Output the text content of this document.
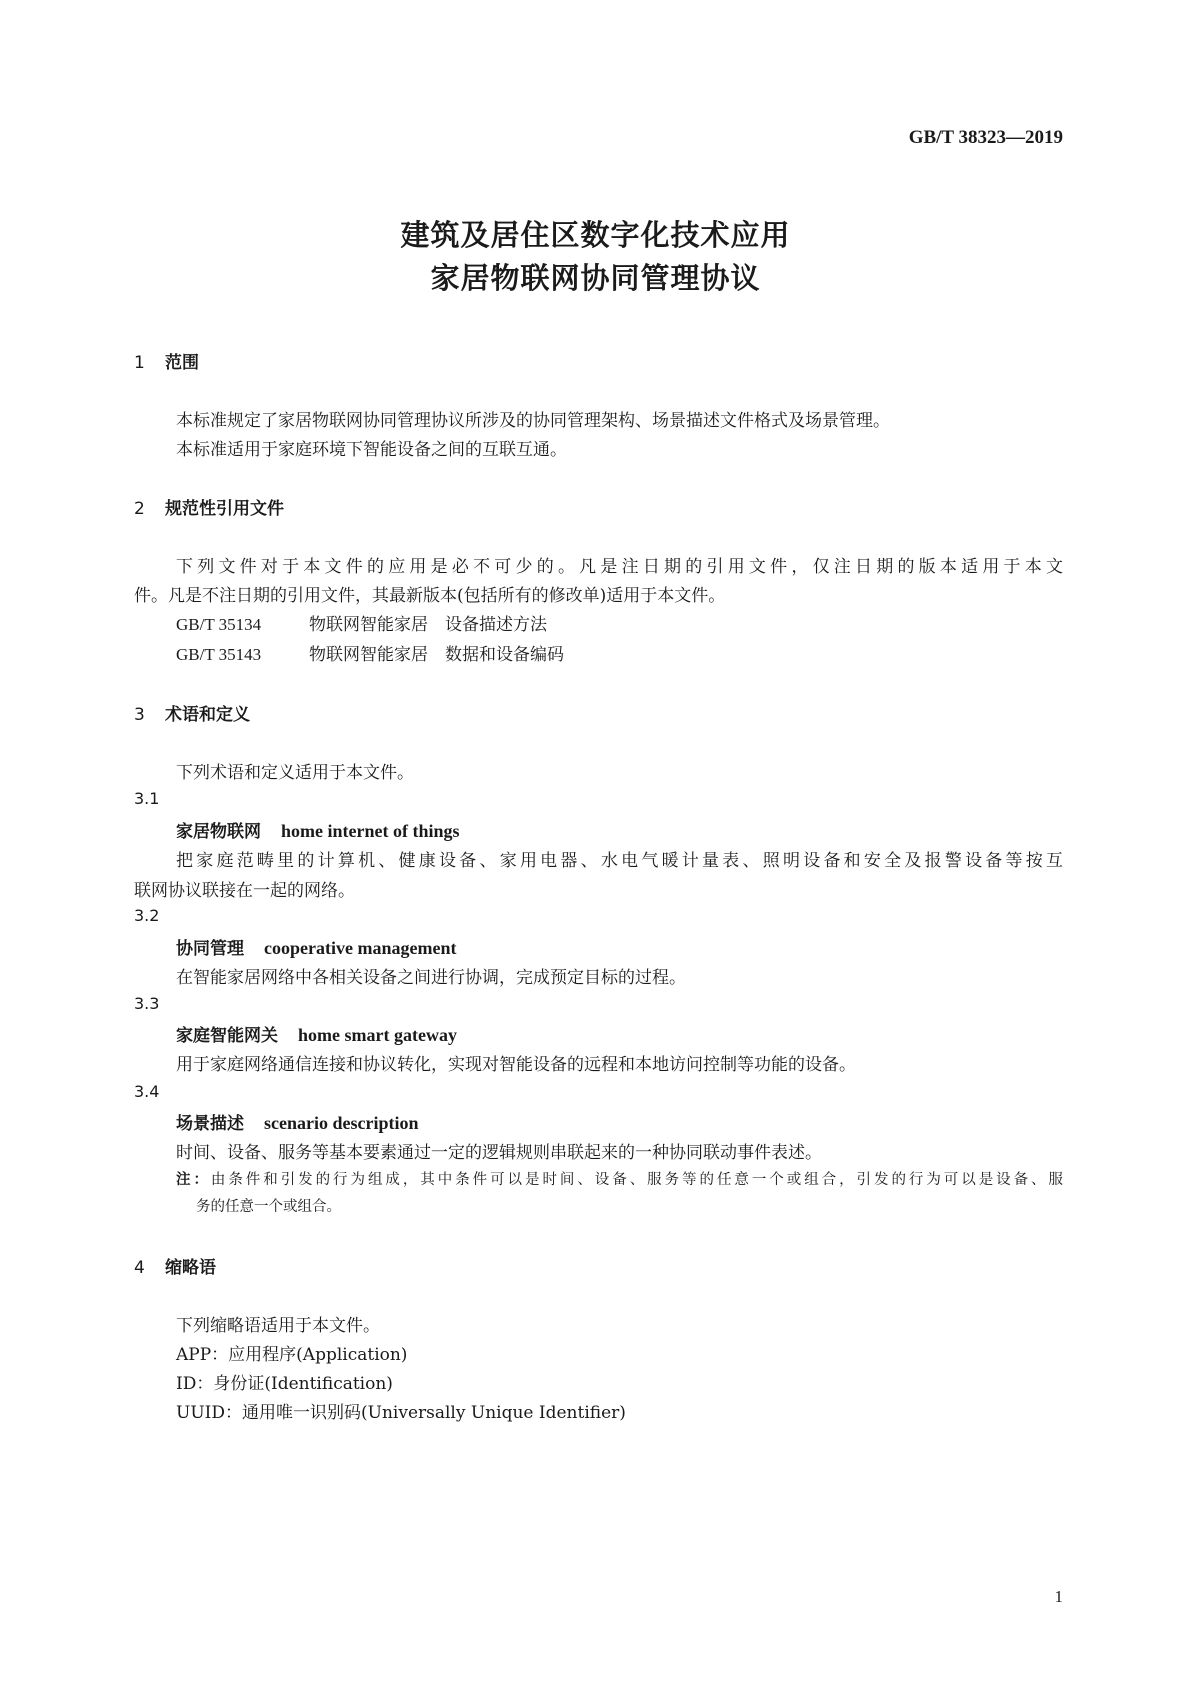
GB/T 38323—2019
建筑及居住区数字化技术应用
家居物联网协同管理协议
1 范围
本标准规定了家居物联网协同管理协议所涉及的协同管理架构、场景描述文件格式及场景管理。
本标准适用于家庭环境下智能设备之间的互联互通。
2 规范性引用文件
下列文件对于本文件的应用是必不可少的。凡是注日期的引用文件，仅注日期的版本适用于本文
件。凡是不注日期的引用文件，其最新版本(包括所有的修改单)适用于本文件。
GB/T 35134	物联网智能家居　设备描述方法
GB/T 35143	物联网智能家居　数据和设备编码
3 术语和定义
下列术语和定义适用于本文件。
3.1
家居物联网 home internet of things
把家庭范畴里的计算机、健康设备、家用电器、水电气暖计量表、照明设备和安全及报警设备等按互
联网协议联接在一起的网络。
3.2
协同管理 cooperative management
在智能家居网络中各相关设备之间进行协调，完成预定目标的过程。
3.3
家庭智能网关 home smart gateway
用于家庭网络通信连接和协议转化，实现对智能设备的远程和本地访问控制等功能的设备。
3.4
场景描述 scenario description
时间、设备、服务等基本要素通过一定的逻辑规则串联起来的一种协同联动事件表述。
注：由条件和引发的行为组成，其中条件可以是时间、设备、服务等的任意一个或组合，引发的行为可以是设备、服
务的任意一个或组合。
4 缩略语
下列缩略语适用于本文件。
APP：应用程序(Application)
ID：身份证(Identification)
UUID：通用唯一识别码(Universally Unique Identifier)
1
